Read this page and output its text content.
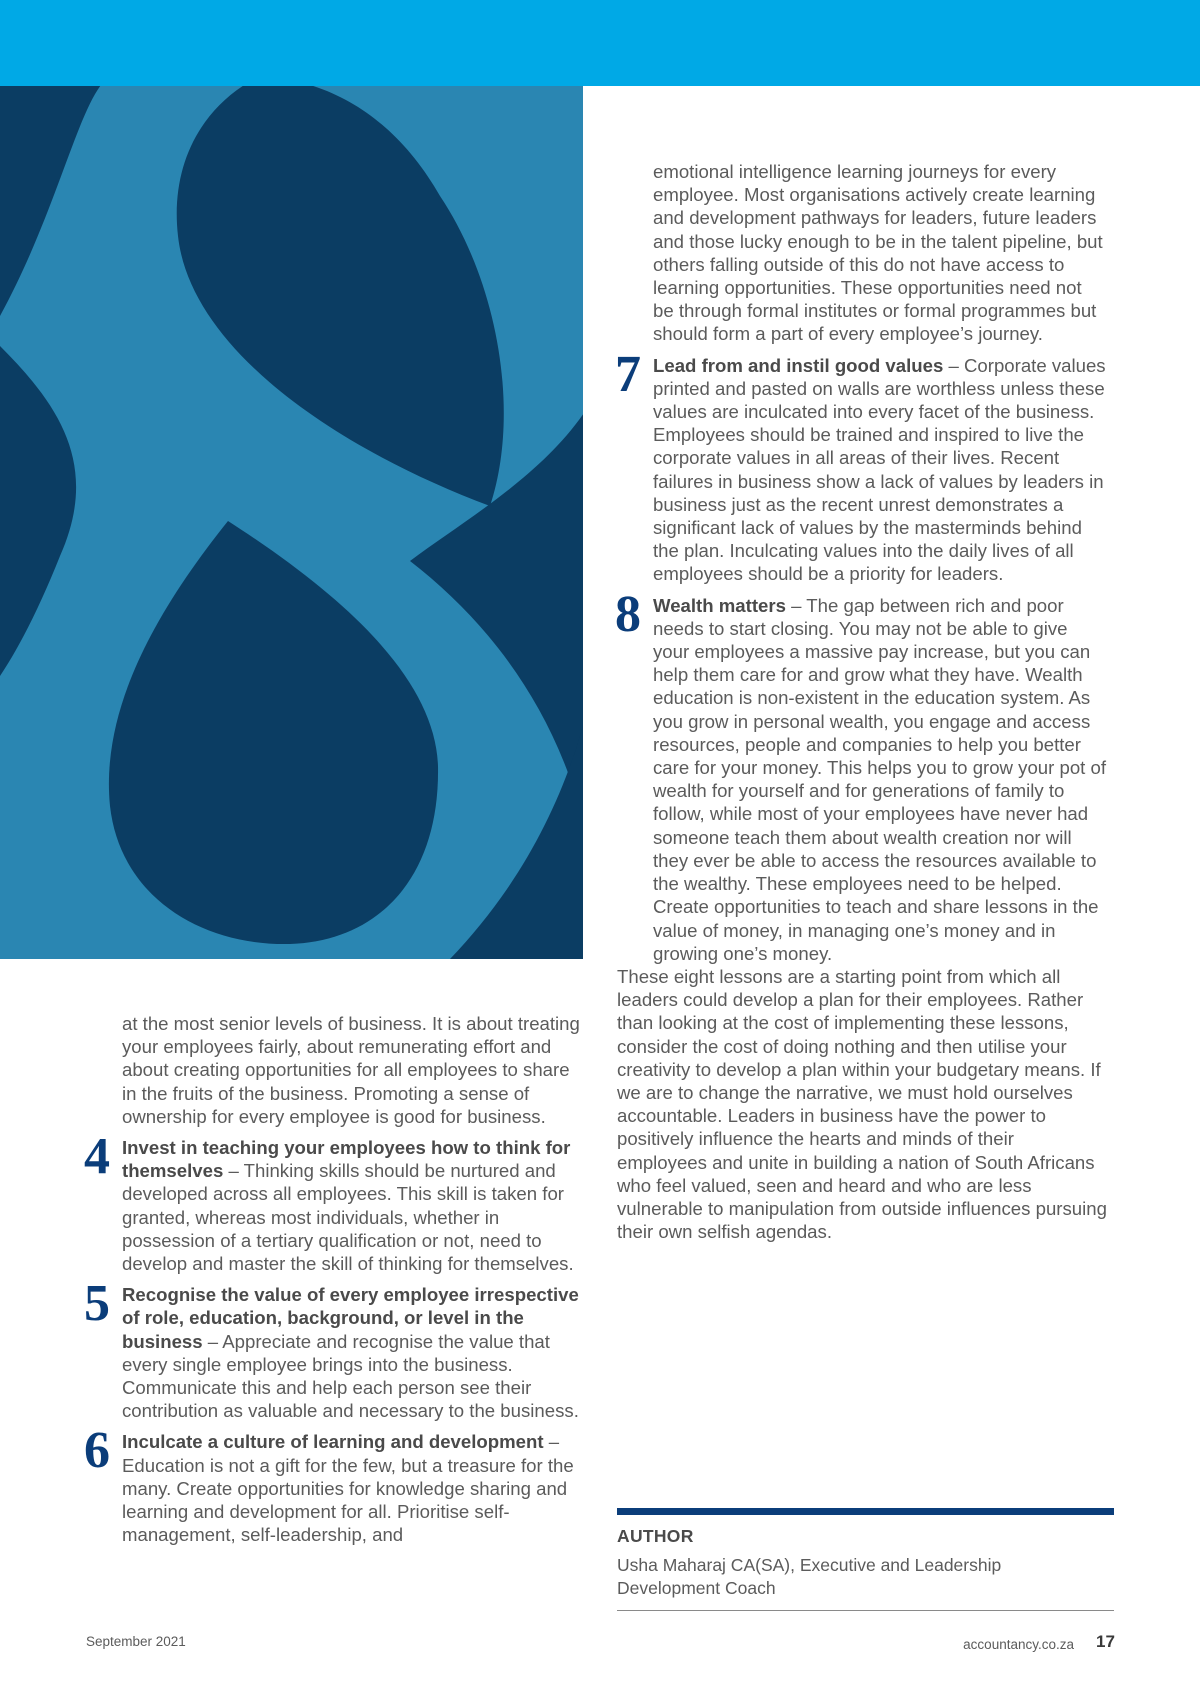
at the most senior levels of business. It is about treating your employees fairly, about remunerating effort and about creating opportunities for all employees to share in the fruits of the business. Promoting a sense of ownership for every employee is good for business.

4 Invest in teaching your employees how to think for themselves – Thinking skills should be nurtured and developed across all employees. This skill is taken for granted, whereas most individuals, whether in possession of a tertiary qualification or not, need to develop and master the skill of thinking for themselves.

5 Recognise the value of every employee irrespective of role, education, background, or level in the business – Appreciate and recognise the value that every single employee brings into the business. Communicate this and help each person see their contribution as valuable and necessary to the business.

6 Inculcate a culture of learning and development – Education is not a gift for the few, but a treasure for the many. Create opportunities for knowledge sharing and learning and development for all. Prioritise self-management, self-leadership, and

emotional intelligence learning journeys for every employee. Most organisations actively create learning and development pathways for leaders, future leaders and those lucky enough to be in the talent pipeline, but others falling outside of this do not have access to learning opportunities. These opportunities need not be through formal institutes or formal programmes but should form a part of every employee’s journey.

7 Lead from and instil good values – Corporate values printed and pasted on walls are worthless unless these values are inculcated into every facet of the business. Employees should be trained and inspired to live the corporate values in all areas of their lives. Recent failures in business show a lack of values by leaders in business just as the recent unrest demonstrates a significant lack of values by the masterminds behind the plan. Inculcating values into the daily lives of all employees should be a priority for leaders.

8 Wealth matters – The gap between rich and poor needs to start closing. You may not be able to give your employees a massive pay increase, but you can help them care for and grow what they have. Wealth education is non-existent in the education system. As you grow in personal wealth, you engage and access resources, people and companies to help you better care for your money. This helps you to grow your pot of wealth for yourself and for generations of family to follow, while most of your employees have never had someone teach them about wealth creation nor will they ever be able to access the resources available to the wealthy. These employees need to be helped. Create opportunities to teach and share lessons in the value of money, in managing one’s money and in growing one’s money.

These eight lessons are a starting point from which all leaders could develop a plan for their employees. Rather than looking at the cost of implementing these lessons, consider the cost of doing nothing and then utilise your creativity to develop a plan within your budgetary means. If we are to change the narrative, we must hold ourselves accountable. Leaders in business have the power to positively influence the hearts and minds of their employees and unite in building a nation of South Africans who feel valued, seen and heard and who are less vulnerable to manipulation from outside influences pursuing their own selfish agendas.

AUTHOR
Usha Maharaj CA(SA), Executive and Leadership Development Coach
September 2021	accountancy.co.za 17
